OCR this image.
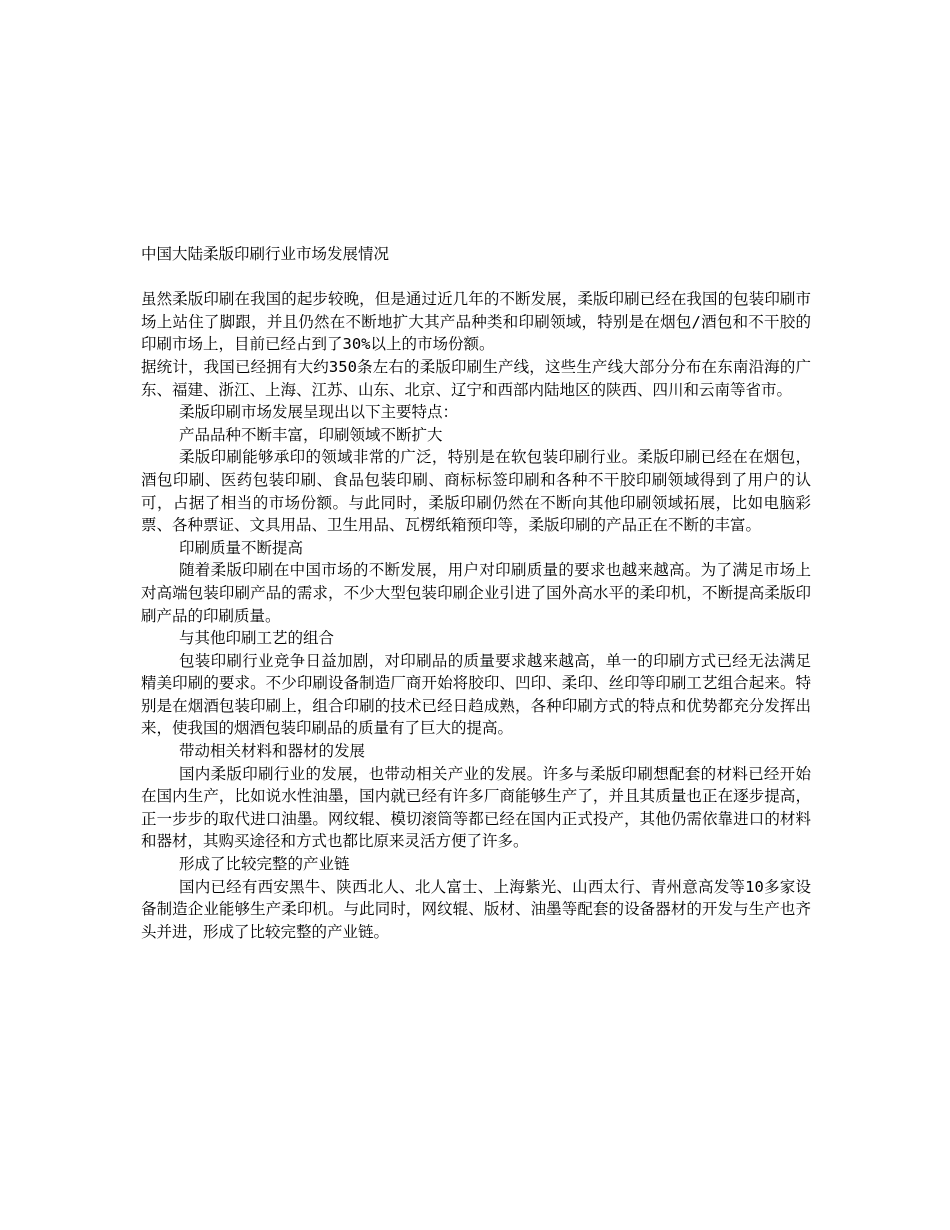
中国大陆柔版印刷行业市场发展情况

虽然柔版印刷在我国的起步较晚，但是通过近几年的不断发展，柔版印刷已经在我国的包装印刷市场上站住了脚跟，并且仍然在不断地扩大其产品种类和印刷领域，特别是在烟包/酒包和不干胶的印刷市场上，目前已经占到了30%以上的市场份额。

据统计，我国已经拥有大约350条左右的柔版印刷生产线，这些生产线大部分分布在东南沿海的广东、福建、浙江、上海、江苏、山东、北京、辽宁和西部内陆地区的陕西、四川和云南等省市。

柔版印刷市场发展呈现出以下主要特点：

产品品种不断丰富，印刷领域不断扩大

柔版印刷能够承印的领域非常的广泛，特别是在软包装印刷行业。柔版印刷已经在在烟包，酒包印刷、医药包装印刷、食品包装印刷、商标标签印刷和各种不干胶印刷领域得到了用户的认可，占据了相当的市场份额。与此同时，柔版印刷仍然在不断向其他印刷领域拓展，比如电脑彩票、各种票证、文具用品、卫生用品、瓦楞纸箱预印等，柔版印刷的产品正在不断的丰富。

印刷质量不断提高

随着柔版印刷在中国市场的不断发展，用户对印刷质量的要求也越来越高。为了满足市场上对高端包装印刷产品的需求，不少大型包装印刷企业引进了国外高水平的柔印机，不断提高柔版印刷产品的印刷质量。

与其他印刷工艺的组合

包装印刷行业竞争日益加剧，对印刷品的质量要求越来越高，单一的印刷方式已经无法满足精美印刷的要求。不少印刷设备制造厂商开始将胶印、凹印、柔印、丝印等印刷工艺组合起来。特别是在烟酒包装印刷上，组合印刷的技术已经日趋成熟，各种印刷方式的特点和优势都充分发挥出来，使我国的烟酒包装印刷品的质量有了巨大的提高。

带动相关材料和器材的发展

国内柔版印刷行业的发展，也带动相关产业的发展。许多与柔版印刷想配套的材料已经开始在国内生产，比如说水性油墨，国内就已经有许多厂商能够生产了，并且其质量也正在逐步提高，正一步步的取代进口油墨。网纹辊、模切滚筒等都已经在国内正式投产，其他仍需依靠进口的材料和器材，其购买途径和方式也都比原来灵活方便了许多。

形成了比较完整的产业链

国内已经有西安黑牛、陕西北人、北人富士、上海紫光、山西太行、青州意高发等10多家设备制造企业能够生产柔印机。与此同时，网纹辊、版材、油墨等配套的设备器材的开发与生产也齐头并进，形成了比较完整的产业链。
